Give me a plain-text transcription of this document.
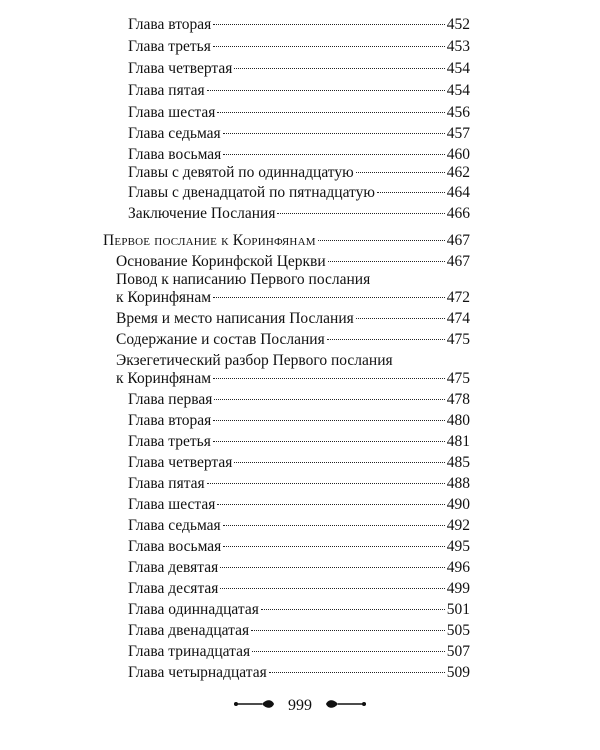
Глава вторая	452
Глава третья	453
Глава четвертая	454
Глава пятая	454
Глава шестая	456
Глава седьмая	457
Глава восьмая	460
Главы с девятой по одиннадцатую	462
Главы с двенадцатой по пятнадцатую	464
Заключение Послания	466
Первое послание к Коринфянам	467
Основание Коринфской Церкви	467
Повод к написанию Первого послания
к Коринфянам	472
Время и место написания Послания	474
Содержание и состав Послания	475
Экзегетический разбор Первого послания
к Коринфянам	475
Глава первая	478
Глава вторая	480
Глава третья	481
Глава четвертая	485
Глава пятая	488
Глава шестая	490
Глава седьмая	492
Глава восьмая	495
Глава девятая	496
Глава десятая	499
Глава одиннадцатая	501
Глава двенадцатая	505
Глава тринадцатая	507
Глава четырнадцатая	509
999
